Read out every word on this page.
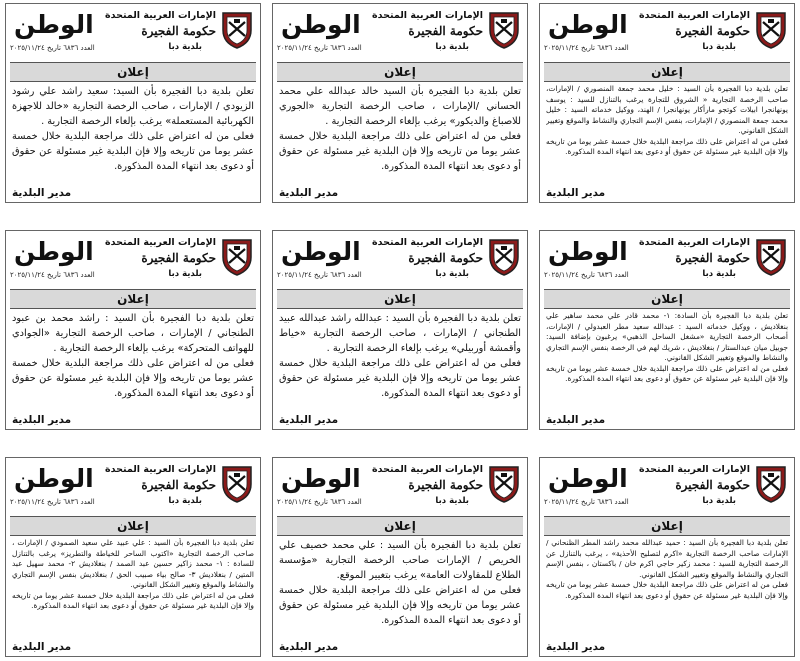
الإمارات العربية المتحدة
حكومة الفجيرة
بلدية دبا
الوطن
العدد ٦٨٣٦ تاريخ ٢٠٢٥/١١/٢٤
إعلان

تعلن بلدية دبا الفجيرة بأن السيد : خليل محمد جمعة المنصوري / الإمارات، صاحب الرخصة التجارية « الشروق للتجارة يرغب بالتنازل للسيد : يوسف يونهانجرا ابيلات كوتجو مارأكار يونهانجرا / الهند، ووكيل خدماته السيد : خليل محمد جمعة المنصوري / الإمارات، بنفس الإسم التجاري والنشاط والموقع وتغيير الشكل القانوني.

فعلى من له اعتراض على ذلك مراجعة البلدية خلال خمسة عشر يوما من تاريخه وإلا فإن البلدية غير مسئولة عن حقوق أو دعوى بعد انتهاء المدة المذكورة.

مدير البلدية
الإمارات العربية المتحدة
حكومة الفجيرة
بلدية دبا
الوطن
العدد ٦٨٣٦ تاريخ ٢٠٢٥/١١/٢٤
إعلان

تعلن بلدية دبا الفجيرة بأن السيد خالد عبدالله علي محمد الحساني /الإمارات ، صاحب الرخصة التجارية «الجوري للاصباغ والديكور» يرغب بإلغاء الرخصة التجارية .

فعلى من له اعتراض على ذلك مراجعة البلدية خلال خمسة عشر يوما من تاريخه وإلا فإن البلدية غير مسئولة عن حقوق أو دعوى بعد انتهاء المدة المذكورة.

مدير البلدية
الإمارات العربية المتحدة
حكومة الفجيرة
بلدية دبا
الوطن
العدد ٦٨٣٦ تاريخ ٢٠٢٥/١١/٢٤
إعلان

تعلن بلدية دبا الفجيرة بأن السيد: سعيد راشد علي رشود الزيودي / الإمارات ، صاحب الرخصة التجارية «خالد للاجهزة الكهربائية المستعملة» يرغب بإلغاء الرخصة التجارية .

فعلى من له اعتراض على ذلك مراجعة البلدية خلال خمسة عشر يوما من تاريخه وإلا فإن البلدية غير مسئولة عن حقوق أو دعوى بعد انتهاء المدة المذكورة.

مدير البلدية
الإمارات العربية المتحدة
حكومة الفجيرة
بلدية دبا
الوطن
العدد ٦٨٣٦ تاريخ ٢٠٢٥/١١/٢٤
إعلان

تعلن بلدية دبا الفجيرة بأن السادة: ١- محمد قادر علي محمد ساهير علي بنغلاديش ، ووكيل خدماته السيد : عبدالله سعيد مطر العبدولي / الإمارات، أصحاب الرخصة التجارية «مشغل الساحل الذهبي» يرغبون بإضافة السيد: جوبيل ميان عبدالستار / بنغلاديش ، شريك لهم في الرخصة بنفس الإسم التجاري والنشاط والموقع وتغيير الشكل القانوني.

فعلى من له اعتراض على ذلك مراجعة البلدية خلال خمسة عشر يوما من تاريخه وإلا فإن البلدية غير مسئولة عن حقوق أو دعوى بعد انتهاء المدة المذكورة.

مدير البلدية
الإمارات العربية المتحدة
حكومة الفجيرة
بلدية دبا
الوطن
العدد ٦٨٣٦ تاريخ ٢٠٢٥/١١/٢٤
إعلان

تعلن بلدية دبا الفجيرة بأن السيد : عبدالله راشد عبدالله عبيد الطنجاني / الإمارات ، صاحب الرخصة التجارية «خياط وأقمشة أوربيلي» يرغب بإلغاء الرخصة التجارية .

فعلى من له اعتراض على ذلك مراجعة البلدية خلال خمسة عشر يوما من تاريخه وإلا فإن البلدية غير مسئولة عن حقوق أو دعوى بعد انتهاء المدة المذكورة.

مدير البلدية
الإمارات العربية المتحدة
حكومة الفجيرة
بلدية دبا
الوطن
العدد ٦٨٣٦ تاريخ ٢٠٢٥/١١/٢٤
إعلان

تعلن بلدية دبا الفجيرة بأن السيد : راشد محمد بن عبود الطنجاني / الإمارات ، صاحب الرخصة التجارية «الجوادي للهواتف المتحركة» يرغب بإلغاء الرخصة التجارية .

فعلى من له اعتراض على ذلك مراجعة البلدية خلال خمسة عشر يوما من تاريخه وإلا فإن البلدية غير مسئولة عن حقوق أو دعوى بعد انتهاء المدة المذكورة.

مدير البلدية
الإمارات العربية المتحدة
حكومة الفجيرة
بلدية دبا
الوطن
العدد ٦٨٣٦ تاريخ ٢٠٢٥/١١/٢٤
إعلان

تعلن بلدية دبا الفجيرة بأن السيد : حميد عبدالله محمد راشد المطر الظنحاني / الإمارات صاحب الرخصة التجارية «اكرم لتصليح الأحذية» ، يرغب بالتنازل عن الرخصة التجارية للسيد : محمد زكير حاجي اكرم خان / باكستان ، بنفس الإسم التجاري والنشاط والموقع وتغيير الشكل القانوني.

فعلى من له اعتراض على ذلك مراجعة البلدية خلال خمسة عشر يوما من تاريخه وإلا فإن البلدية غير مسئولة عن حقوق أو دعوى بعد انتهاء المدة المذكورة.

مدير البلدية
الإمارات العربية المتحدة
حكومة الفجيرة
بلدية دبا
الوطن
العدد ٦٨٣٦ تاريخ ٢٠٢٥/١١/٢٤
إعلان

تعلن بلدية دبا الفجيرة بأن السيد : علي محمد خصيف علي الخريص / الإمارات صاحب الرخصة التجارية «مؤسسة الطلاع للمقاولات العامة» يرغب بتغيير الموقع.

فعلى من له اعتراض على ذلك مراجعة البلدية خلال خمسة عشر يوما من تاريخه وإلا فإن البلدية غير مسئولة عن حقوق أو دعوى بعد انتهاء المدة المذكورة.

مدير البلدية
الإمارات العربية المتحدة
حكومة الفجيرة
بلدية دبا
الوطن
العدد ٦٨٣٦ تاريخ ٢٠٢٥/١١/٢٤
إعلان

تعلن بلدية دبا الفجيرة بأن السيد : علي عبيد علي سعيد الصمودي / الإمارات ، صاحب الرخصة التجارية «اكتوب الساحر للخياطة والتطريز» يرغب بالتنازل للسادة : ١- محمد زاكير حسين عبد الصمد / بنغلاديش ٢- محمد سهيل عبد المتين / بنغلاديش ٣- صالح بياء صبيب الحق / بنغلاديش بنفس الإسم التجاري والنشاط والموقع وتغيير الشكل القانوني.

فعلى من له اعتراض على ذلك مراجعة البلدية خلال خمسة عشر يوما من تاريخه وإلا فإن البلدية غير مسئولة عن حقوق أو دعوى بعد انتهاء المدة المذكورة.

مدير البلدية
